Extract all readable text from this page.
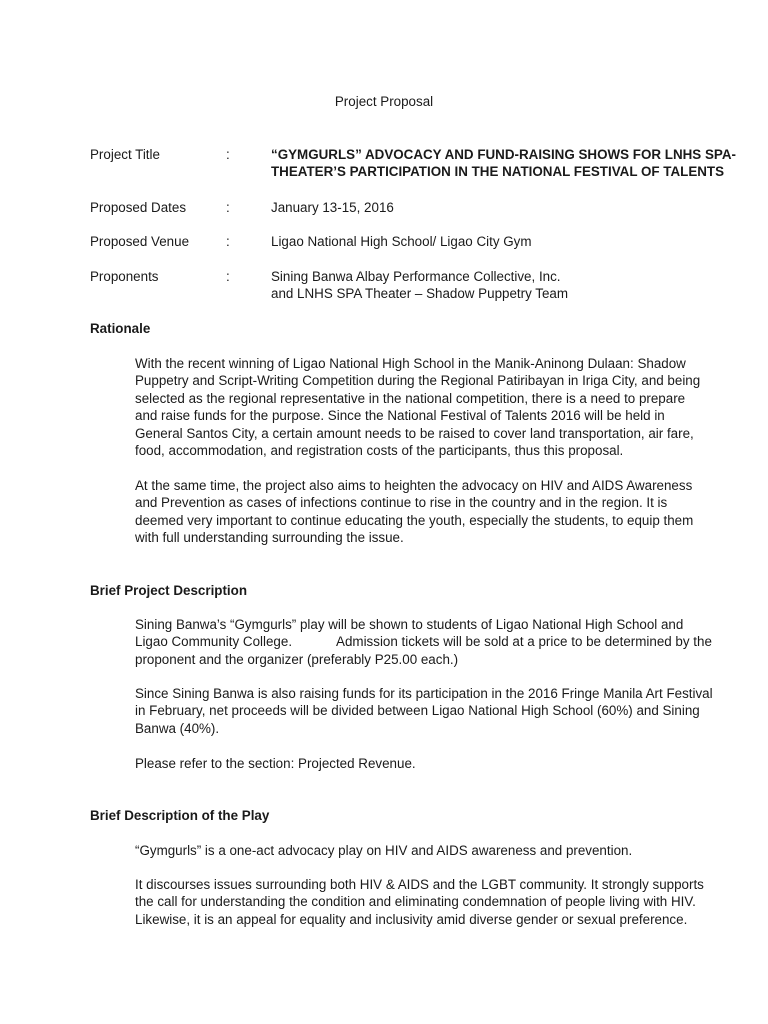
Project Proposal
Project Title	:	“GYMGURLS” ADVOCACY AND FUND-RAISING SHOWS FOR LNHS SPA-
THEATER’S PARTICIPATION IN THE NATIONAL FESTIVAL OF TALENTS
Proposed Dates	:	January 13-15, 2016
Proposed Venue	:	Ligao National High School/ Ligao City Gym
Proponents	:	Sining Banwa Albay Performance Collective, Inc.
and LNHS SPA Theater – Shadow Puppetry Team
Rationale
With the recent winning of Ligao National High School in the Manik-Aninong Dulaan: Shadow
Puppetry and Script-Writing Competition during the Regional Patiribayan in Iriga City, and being
selected as the regional representative in the national competition, there is a need to prepare
and raise funds for the purpose. Since the National Festival of Talents 2016 will be held in
General Santos City, a certain amount needs to be raised to cover land transportation, air fare,
food, accommodation, and registration costs of the participants, thus this proposal.
At the same time, the project also aims to heighten the advocacy on HIV and AIDS Awareness
and Prevention as cases of infections continue to rise in the country and in the region. It is
deemed very important to continue educating the youth, especially the students, to equip them
with full understanding surrounding the issue.
Brief Project Description
Sining Banwa’s “Gymgurls” play will be shown to students of Ligao National High School and
Ligao Community College.	Admission tickets will be sold at a price to be determined by the
proponent and the organizer (preferably P25.00 each.)
Since Sining Banwa is also raising funds for its participation in the 2016 Fringe Manila Art Festival
in February, net proceeds will be divided between Ligao National High School (60%) and Sining
Banwa (40%).
Please refer to the section: Projected Revenue.
Brief Description of the Play
“Gymgurls” is a one-act advocacy play on HIV and AIDS awareness and prevention.
It discourses issues surrounding both HIV & AIDS and the LGBT community. It strongly supports
the call for understanding the condition and eliminating condemnation of people living with HIV.
Likewise, it is an appeal for equality and inclusivity amid diverse gender or sexual preference.
